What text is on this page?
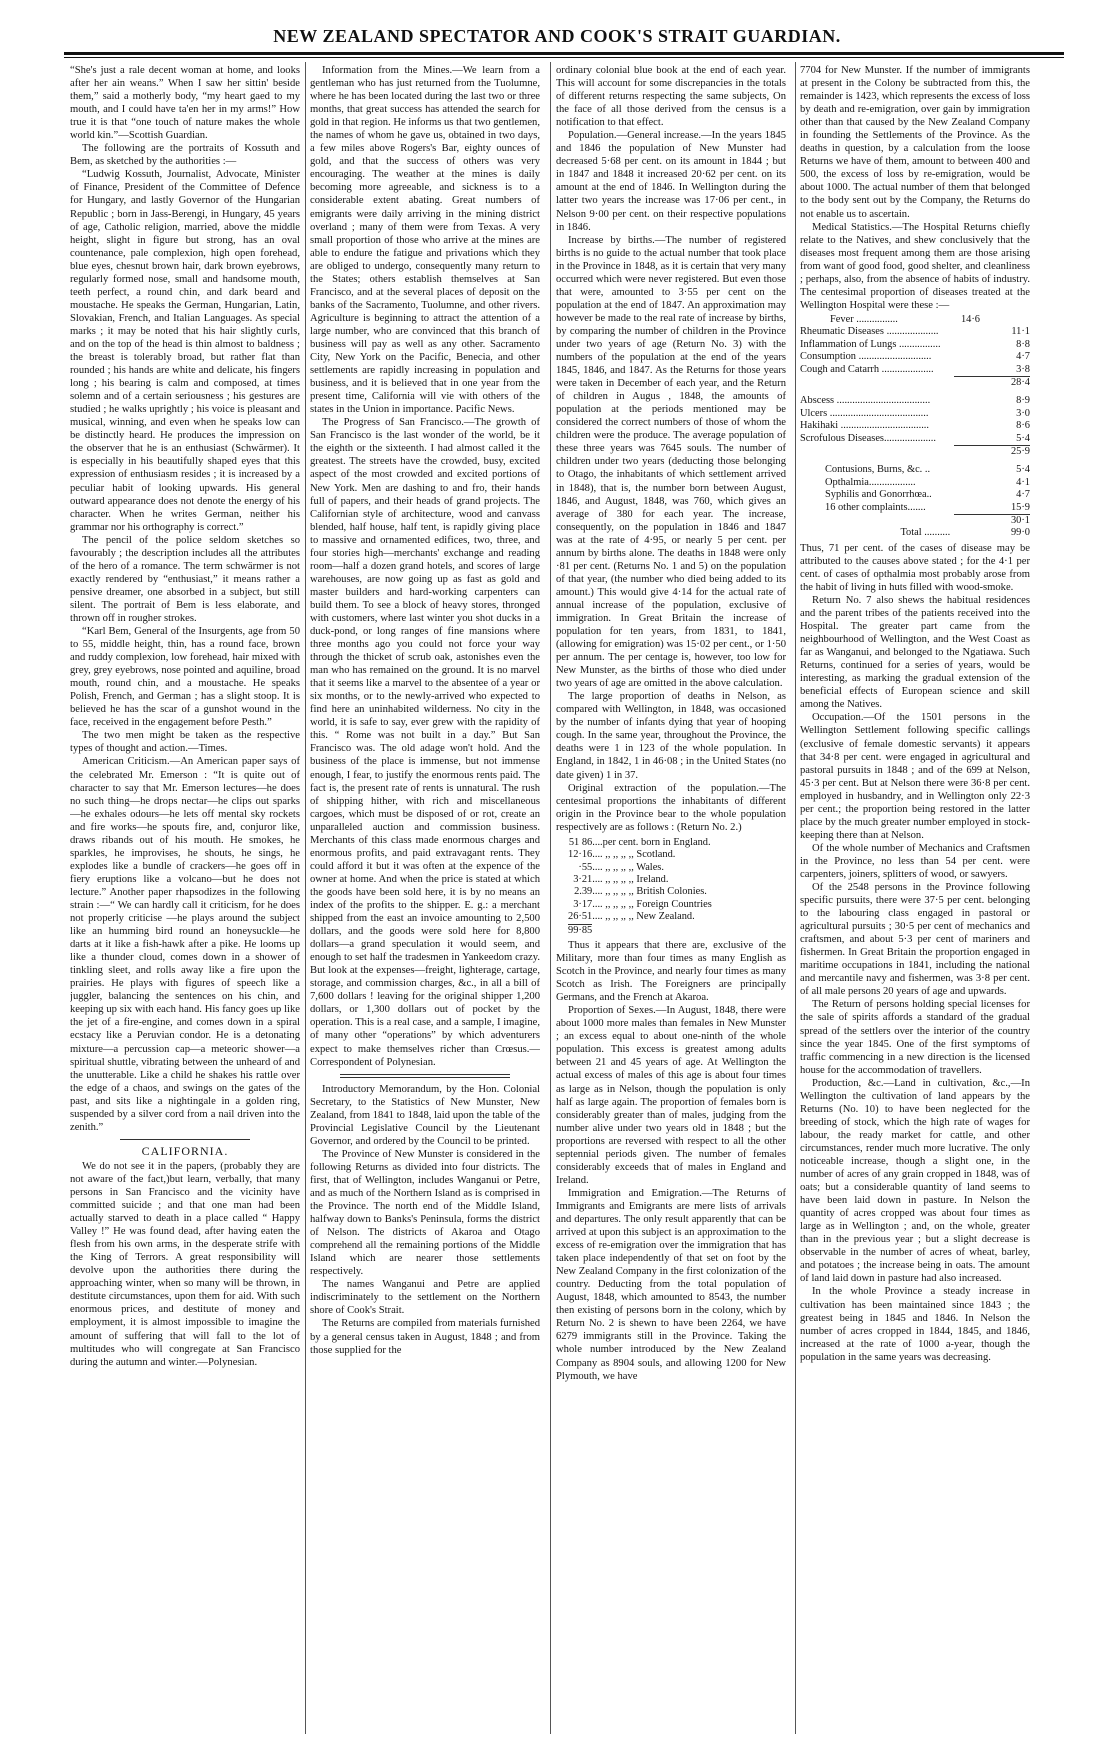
NEW ZEALAND SPECTATOR AND COOK'S STRAIT GUARDIAN.

“She's just a rale decent woman at home, and looks after her ain weans.” When I saw her sittin' beside them,” said a motherly body, “my heart gaed to my mouth, and I could have ta'en her in my arms!” How true it is that “one touch of nature makes the whole world kin.”—Scottish Guardian.

The following are the portraits of Kossuth and Bem, as sketched by the authorities :—

“Ludwig Kossuth, Journalist, Advocate, Minister of Finance, President of the Committee of Defence for Hungary, and lastly Governor of the Hungarian Republic ; born in Jass-Berengi, in Hungary, 45 years of age, Catholic religion, married, above the middle height, slight in figure but strong, has an oval countenance, pale complexion, high open forehead, blue eyes, chesnut brown hair, dark brown eyebrows, regularly formed nose, small and handsome mouth, teeth perfect, a round chin, and dark beard and moustache. He speaks the German, Hungarian, Latin, Slovakian, French, and Italian Languages. As special marks ; it may be noted that his hair slightly curls, and on the top of the head is thin almost to baldness ; the breast is tolerably broad, but rather flat than rounded ; his hands are white and delicate, his fingers long ; his bearing is calm and composed, at times solemn and of a certain seriousness ; his gestures are studied ; he walks uprightly ; his voice is pleasant and musical, winning, and even when he speaks low can be distinctly heard. He produces the impression on the observer that he is an enthusiast (Schwärmer). It is especially in his beautifully shaped eyes that this expression of enthusiasm resides ; it is increased by a peculiar habit of looking upwards. His general outward appearance does not denote the energy of his character. When he writes German, neither his grammar nor his orthography is correct.”

The pencil of the police seldom sketches so favourably ; the description includes all the attributes of the hero of a romance. The term schwärmer is not exactly rendered by “enthusiast,” it means rather a pensive dreamer, one absorbed in a subject, but still silent. The portrait of Bem is less elaborate, and thrown off in rougher strokes.

“Karl Bem, General of the Insurgents, age from 50 to 55, middle height, thin, has a round face, brown and ruddy complexion, low forehead, hair mixed with grey, grey eyebrows, nose pointed and aquiline, broad mouth, round chin, and a moustache. He speaks Polish, French, and German ; has a slight stoop. It is believed he has the scar of a gunshot wound in the face, received in the engagement before Pesth.”

The two men might be taken as the respective types of thought and action.—Times.

American Criticism.—An American paper says of the celebrated Mr. Emerson : “It is quite out of character to say that Mr. Emerson lectures—he does no such thing—he drops nectar—he clips out sparks—he exhales odours—he lets off mental sky rockets and fire works—he spouts fire, and, conjuror like, draws ribands out of his mouth. He smokes, he sparkles, he improvises, he shouts, he sings, he explodes like a bundle of crackers—he goes off in fiery eruptions like a volcano—but he does not lecture.” Another paper rhapsodizes in the following strain :—“ We can hardly call it criticism, for he does not properly criticise —he plays around the subject like an humming bird round an honeysuckle—he darts at it like a fish-hawk after a pike. He looms up like a thunder cloud, comes down in a shower of tinkling sleet, and rolls away like a fire upon the prairies. He plays with figures of speech like a juggler, balancing the sentences on his chin, and keeping up six with each hand. His fancy goes up like the jet of a fire-engine, and comes down in a spiral ecstacy like a Peruvian condor. He is a detonating mixture—a percussion cap—a meteoric shower—a spiritual shuttle, vibrating between the unheard of and the unutterable. Like a child he shakes his rattle over the edge of a chaos, and swings on the gates of the past, and sits like a nightingale in a golden ring, suspended by a silver cord from a nail driven into the zenith.”

CALIFORNIA.

We do not see it in the papers, (probably they are not aware of the fact,)but learn, verbally, that many persons in San Francisco and the vicinity have committed suicide ; and that one man had been actually starved to death in a place called “ Happy Valley !” He was found dead, after having eaten the flesh from his own arms, in the desperate strife with the King of Terrors. A great responsibility will devolve upon the authorities there during the approaching winter, when so many will be thrown, in destitute circumstances, upon them for aid. With such enormous prices, and destitute of money and employment, it is almost impossible to imagine the amount of suffering that will fall to the lot of multitudes who will congregate at San Francisco during the autumn and winter.—Polynesian.

Information from the Mines.—We learn from a gentleman who has just returned from the Tuolumne, where he has been located during the last two or three months, that great success has attended the search for gold in that region. He informs us that two gentlemen, the names of whom he gave us, obtained in two days, a few miles above Rogers's Bar, eighty ounces of gold, and that the success of others was very encouraging. The weather at the mines is daily becoming more agreeable, and sickness is to a considerable extent abating. Great numbers of emigrants were daily arriving in the mining district overland ; many of them were from Texas. A very small proportion of those who arrive at the mines are able to endure the fatigue and privations which they are obliged to undergo, consequently many return to the States; others establish themselves at San Francisco, and at the several places of deposit on the banks of the Sacramento, Tuolumne, and other rivers. Agriculture is beginning to attract the attention of a large number, who are convinced that this branch of business will pay as well as any other. Sacramento City, New York on the Pacific, Benecia, and other settlements are rapidly increasing in population and business, and it is believed that in one year from the present time, California will vie with others of the states in the Union in importance. Pacific News.

The Progress of San Francisco.—The growth of San Francisco is the last wonder of the world, be it the eighth or the sixteenth. I had almost called it the greatest. The streets have the crowded, busy, excited aspect of the most crowded and excited portions of New York. Men are dashing to and fro, their hands full of papers, and their heads of grand projects. The Californian style of architecture, wood and canvass blended, half house, half tent, is rapidly giving place to massive and ornamented edifices, two, three, and four stories high—merchants' exchange and reading room—half a dozen grand hotels, and scores of large warehouses, are now going up as fast as gold and master builders and hard-working carpenters can build them. To see a block of heavy stores, thronged with customers, where last winter you shot ducks in a duck-pond, or long ranges of fine mansions where three months ago you could not force your way through the thicket of scrub oak, astonishes even the man who has remained on the ground. It is no marvel that it seems like a marvel to the absentee of a year or six months, or to the newly-arrived who expected to find here an uninhabited wilderness. No city in the world, it is safe to say, ever grew with the rapidity of this. “ Rome was not built in a day.” But San Francisco was. The old adage won't hold. And the business of the place is immense, but not immense enough, I fear, to justify the enormous rents paid. The fact is, the present rate of rents is unnatural. The rush of shipping hither, with rich and miscellaneous cargoes, which must be disposed of or rot, create an unparalleled auction and commission business. Merchants of this class made enormous charges and enormous profits, and paid extravagant rents. They could afford it but it was often at the expence of the owner at home. And when the price is stated at which the goods have been sold here, it is by no means an index of the profits to the shipper. E. g.: a merchant shipped from the east an invoice amounting to 2,500 dollars, and the goods were sold here for 8,800 dollars—a grand speculation it would seem, and enough to set half the tradesmen in Yankeedom crazy. But look at the expenses—freight, lighterage, cartage, storage, and commission charges, &c., in all a bill of 7,600 dollars ! leaving for the original shipper 1,200 dollars, or 1,300 dollars out of pocket by the operation. This is a real case, and a sample, I imagine, of many other “operations” by which adventurers expect to make themselves richer than Crœsus.—Correspondent of Polynesian.

Introductory Memorandum, by the Hon. Colonial Secretary, to the Statistics of New Munster, New Zealand, from 1841 to 1848, laid upon the table of the Provincial Legislative Council by the Lieutenant Governor, and ordered by the Council to be printed.

The Province of New Munster is considered in the following Returns as divided into four districts. The first, that of Wellington, includes Wanganui or Petre, and as much of the Northern Island as is comprised in the Province. The north end of the Middle Island, halfway down to Banks's Peninsula, forms the district of Nelson. The districts of Akaroa and Otago comprehend all the remaining portions of the Middle Island which are nearer those settlements respectively.

The names Wanganui and Petre are applied indiscriminately to the settlement on the Northern shore of Cook's Strait.

The Returns are compiled from materials furnished by a general census taken in August, 1848 ; and from those supplied for the

ordinary colonial blue book at the end of each year. This will account for some discrepancies in the totals of different returns respecting the same subjects, On the face of all those derived from the census is a notification to that effect.

Population.—General increase.—In the years 1845 and 1846 the population of New Munster had decreased 5·68 per cent. on its amount in 1844 ; but in 1847 and 1848 it increased 20·62 per cent. on its amount at the end of 1846. In Wellington during the latter two years the increase was 17·06 per cent., in Nelson 9·00 per cent. on their respective populations in 1846.

Increase by births.—The number of registered births is no guide to the actual number that took place in the Province in 1848, as it is certain that very many occurred which were never registered. But even those that were, amounted to 3·55 per cent on the population at the end of 1847. An approximation may however be made to the real rate of increase by births, by comparing the number of children in the Province under two years of age (Return No. 3) with the numbers of the population at the end of the years 1845, 1846, and 1847. As the Returns for those years were taken in December of each year, and the Return of children in Augus , 1848, the amounts of population at the periods mentioned may be considered the correct numbers of those of whom the children were the produce. The average population of these three years was 7645 souls. The number of children under two years (deducting those belonging to Otago, the inhabitants of which settlement arrived in 1848), that is, the number born between August, 1846, and August, 1848, was 760, which gives an average of 380 for each year. The increase, consequently, on the population in 1846 and 1847 was at the rate of 4·95, or nearly 5 per cent. per annum by births alone. The deaths in 1848 were only ·81 per cent. (Returns No. 1 and 5) on the population of that year, (the number who died being added to its amount.) This would give 4·14 for the actual rate of annual increase of the population, exclusive of immigration. In Great Britain the increase of population for ten years, from 1831, to 1841, (allowing for emigration) was 15·02 per cent., or 1·50 per annum. The per centage is, however, too low for New Munster, as the births of those who died under two years of age are omitted in the above calculation.

The large proportion of deaths in Nelson, as compared with Wellington, in 1848, was occasioned by the number of infants dying that year of hooping cough. In the same year, throughout the Province, the deaths were 1 in 123 of the whole population. In England, in 1842, 1 in 46·08 ; in the United States (no date given) 1 in 37.

Original extraction of the population.—The centesimal proportions the inhabitants of different origin in the Province bear to the whole population respectively are as follows : (Return No. 2.)

51 86	....per cent. born in England.
12·16	.... ,, ,, ,, ,, Scotland.
·55	.... ,, ,, ,, ,, Wales.
3·21	.... ,, ,, ,, ,, Ireland.
2.39	.... ,, ,, ,, ,, British Colonies.
3·17	.... ,, ,, ,, ,, Foreign Countries
26·51	.... ,, ,, ,, ,, New Zealand.
99·85	

Thus it appears that there are, exclusive of the Military, more than four times as many English as Scotch in the Province, and nearly four times as many Scotch as Irish. The Foreigners are principally Germans, and the French at Akaroa.

Proportion of Sexes.—In August, 1848, there were about 1000 more males than females in New Munster ; an excess equal to about one-ninth of the whole population. This excess is greatest among adults between 21 and 45 years of age. At Wellington the actual excess of males of this age is about four times as large as in Nelson, though the population is only half as large again. The proportion of females born is considerably greater than of males, judging from the number alive under two years old in 1848 ; but the proportions are reversed with respect to all the other septennial periods given. The number of females considerably exceeds that of males in England and Ireland.

Immigration and Emigration.—The Returns of Immigrants and Emigrants are mere lists of arrivals and departures. The only result apparently that can be arrived at upon this subject is an approximation to the excess of re-emigration over the immigration that has taken place independently of that set on foot by the New Zealand Company in the first colonization of the country. Deducting from the total population of August, 1848, which amounted to 8543, the number then existing of persons born in the colony, which by Return No. 2 is shewn to have been 2264, we have 6279 immigrants still in the Province. Taking the whole number introduced by the New Zealand Company as 8904 souls, and allowing 1200 for New Plymouth, we have

7704 for New Munster. If the number of immigrants at present in the Colony be subtracted from this, the remainder is 1423, which represents the excess of loss by death and re-emigration, over gain by immigration other than that caused by the New Zealand Company in founding the Settlements of the Province. As the deaths in question, by a calculation from the loose Returns we have of them, amount to between 400 and 500, the excess of loss by re-emigration, would be about 1000. The actual number of them that belonged to the body sent out by the Company, the Returns do not enable us to ascertain.

Medical Statistics.—The Hospital Returns chiefly relate to the Natives, and shew conclusively that the diseases most frequent among them are those arising from want of good food, good shelter, and cleanliness ; perhaps, also, from the absence of habits of industry. The centesimal proportion of diseases treated at the Wellington Hospital were these :—

Fever ................	14·6
Rheumatic Diseases ....................	11·1
Inflammation of Lungs ................	8·8
Consumption ............................	4·7
Cough and Catarrh ....................	3·8
	28·4

Abscess ....................................	8·9
Ulcers ......................................	3·0
Hakihaki ..................................	8·6
Scrofulous Diseases....................	5·4
	25·9

Contusions, Burns, &c. ..	5·4
Opthalmia..................	4·1
Syphilis and Gonorrhœa..	4·7
16 other complaints.......	15·9
	30·1
Total ..........	99·0

Thus, 71 per cent. of the cases of disease may be attributed to the causes above stated ; for the 4·1 per cent. of cases of opthalmia most probably arose from the habit of living in huts filled with wood-smoke.

Return No. 7 also shews the habitual residences and the parent tribes of the patients received into the Hospital. The greater part came from the neighbourhood of Wellington, and the West Coast as far as Wanganui, and belonged to the Ngatiawa. Such Returns, continued for a series of years, would be interesting, as marking the gradual extension of the beneficial effects of European science and skill among the Natives.

Occupation.—Of the 1501 persons in the Wellington Settlement following specific callings (exclusive of female domestic servants) it appears that 34·8 per cent. were engaged in agricultural and pastoral pursuits in 1848 ; and of the 699 at Nelson, 45·3 per cent. But at Nelson there were 36·8 per cent. employed in husbandry, and in Wellington only 22·3 per cent.; the proportion being restored in the latter place by the much greater number employed in stock-keeping there than at Nelson.

Of the whole number of Mechanics and Craftsmen in the Province, no less than 54 per cent. were carpenters, joiners, splitters of wood, or sawyers.

Of the 2548 persons in the Province following specific pursuits, there were 37·5 per cent. belonging to the labouring class engaged in pastoral or agricultural pursuits ; 30·5 per cent of mechanics and craftsmen, and about 5·3 per cent of mariners and fishermen. In Great Britain the proportion engaged in maritime occupations in 1841, including the national and mercantile navy and fishermen, was 3·8 per cent. of all male persons 20 years of age and upwards.

The Return of persons holding special licenses for the sale of spirits affords a standard of the gradual spread of the settlers over the interior of the country since the year 1845. One of the first symptoms of traffic commencing in a new direction is the licensed house for the accommodation of travellers.

Production, &c.—Land in cultivation, &c.,—In Wellington the cultivation of land appears by the Returns (No. 10) to have been neglected for the breeding of stock, which the high rate of wages for labour, the ready market for cattle, and other circumstances, render much more lucrative. The only noticeable increase, though a slight one, in the number of acres of any grain cropped in 1848, was of oats; but a considerable quantity of land seems to have been laid down in pasture. In Nelson the quantity of acres cropped was about four times as large as in Wellington ; and, on the whole, greater than in the previous year ; but a slight decrease is observable in the number of acres of wheat, barley, and potatoes ; the increase being in oats. The amount of land laid down in pasture had also increased.

In the whole Province a steady increase in cultivation has been maintained since 1843 ; the greatest being in 1845 and 1846. In Nelson the number of acres cropped in 1844, 1845, and 1846, increased at the rate of 1000 a-year, though the population in the same years was decreasing.
